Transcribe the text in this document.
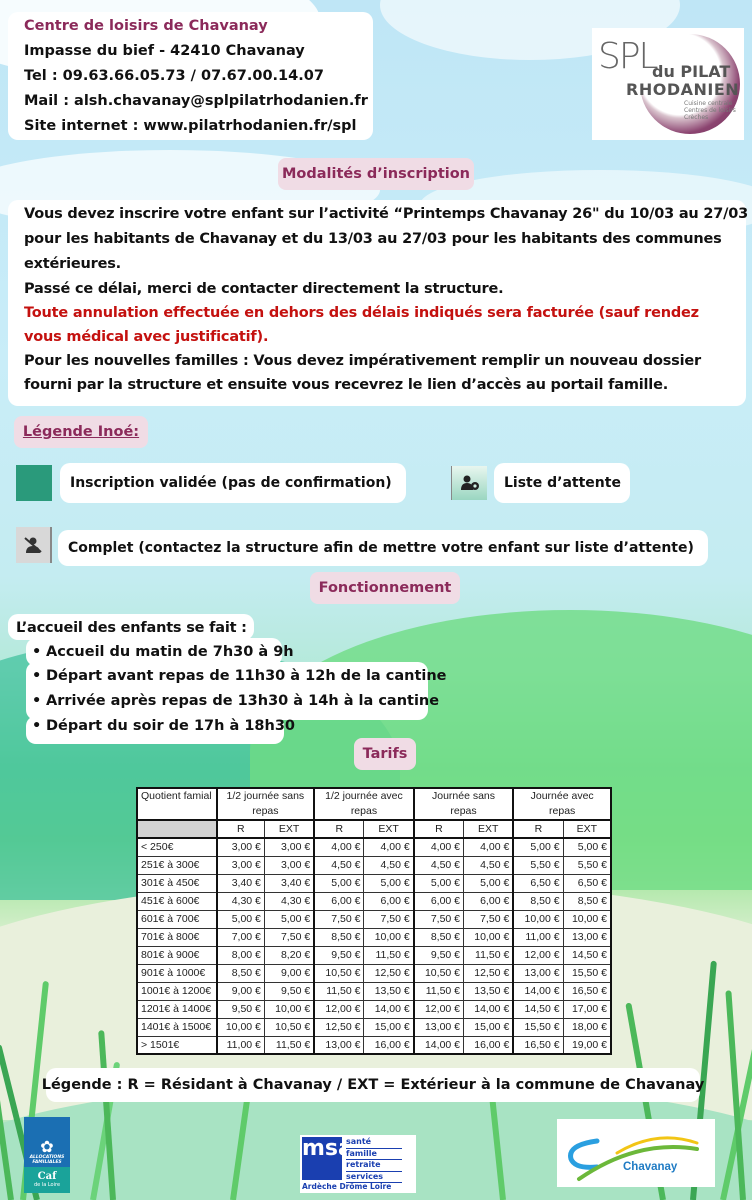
Centre de loisirs de Chavanay
Impasse du bief - 42410 Chavanay
Tel : 09.63.66.05.73 / 07.67.00.14.07
Mail : alsh.chavanay@splpilatrhodanien.fr
Site internet : www.pilatrhodanien.fr/spl
SPL
du PILAT
RHODANIEN
Cuisine centrale
Centres de loisirs
Crèches
Modalités d’inscription
Vous devez inscrire votre enfant sur l’activité “Printemps Chavanay 26" du 10/03 au 27/03
pour les habitants de Chavanay et du 13/03 au 27/03 pour les habitants des communes
extérieures.
Passé ce délai, merci de contacter directement la structure.
Toute annulation effectuée en dehors des délais indiqués sera facturée (sauf rendez
vous médical avec justificatif).
Pour les nouvelles familles : Vous devez impérativement remplir un nouveau dossier
fourni par la structure et ensuite vous recevrez le lien d’accès au portail famille.
Légende Inoé:
Inscription validée (pas de confirmation)	Liste d’attente
Complet (contactez la structure afin de mettre votre enfant sur liste d’attente)
Fonctionnement
L’accueil des enfants se fait :
• Accueil du matin de 7h30 à 9h
• Départ avant repas de 11h30 à 12h de la cantine
• Arrivée après repas de 13h30 à 14h à la cantine
• Départ du soir de 17h à 18h30
Tarifs
Quotient famial	1/2 journée sans repas		1/2 journée avec repas		Journée sans repas		Journée avec repas	
	R	EXT	R	EXT	R	EXT	R	EXT
< 250€	3,00 €	3,00 €	4,00 €	4,00 €	4,00 €	4,00 €	5,00 €	5,00 €
251€ à 300€	3,00 €	3,00 €	4,50 €	4,50 €	4,50 €	4,50 €	5,50 €	5,50 €
301€ à 450€	3,40 €	3,40 €	5,00 €	5,00 €	5,00 €	5,00 €	6,50 €	6,50 €
451€ à 600€	4,30 €	4,30 €	6,00 €	6,00 €	6,00 €	6,00 €	8,50 €	8,50 €
601€ à 700€	5,00 €	5,00 €	7,50 €	7,50 €	7,50 €	7,50 €	10,00 €	10,00 €
701€ à 800€	7,00 €	7,50 €	8,50 €	10,00 €	8,50 €	10,00 €	11,00 €	13,00 €
801€ à 900€	8,00 €	8,20 €	9,50 €	11,50 €	9,50 €	11,50 €	12,00 €	14,50 €
901€ à 1000€	8,50 €	9,00 €	10,50 €	12,50 €	10,50 €	12,50 €	13,00 €	15,50 €
1001€ à 1200€	9,00 €	9,50 €	11,50 €	13,50 €	11,50 €	13,50 €	14,00 €	16,50 €
1201€ à 1400€	9,50 €	10,00 €	12,00 €	14,00 €	12,00 €	14,00 €	14,50 €	17,00 €
1401€ à 1500€	10,00 €	10,50 €	12,50 €	15,00 €	13,00 €	15,00 €	15,50 €	18,00 €
> 1501€	11,00 €	11,50 €	13,00 €	16,00 €	14,00 €	16,00 €	16,50 €	19,00 €
Légende : R = Résidant à Chavanay / EXT = Extérieur à la commune de Chavanay
✿
ALLOCATIONS
FAMILIALES
Caf
de la Loire
msa
santé
famille
retraite
services
Ardèche Drôme Loire
Chavanay
